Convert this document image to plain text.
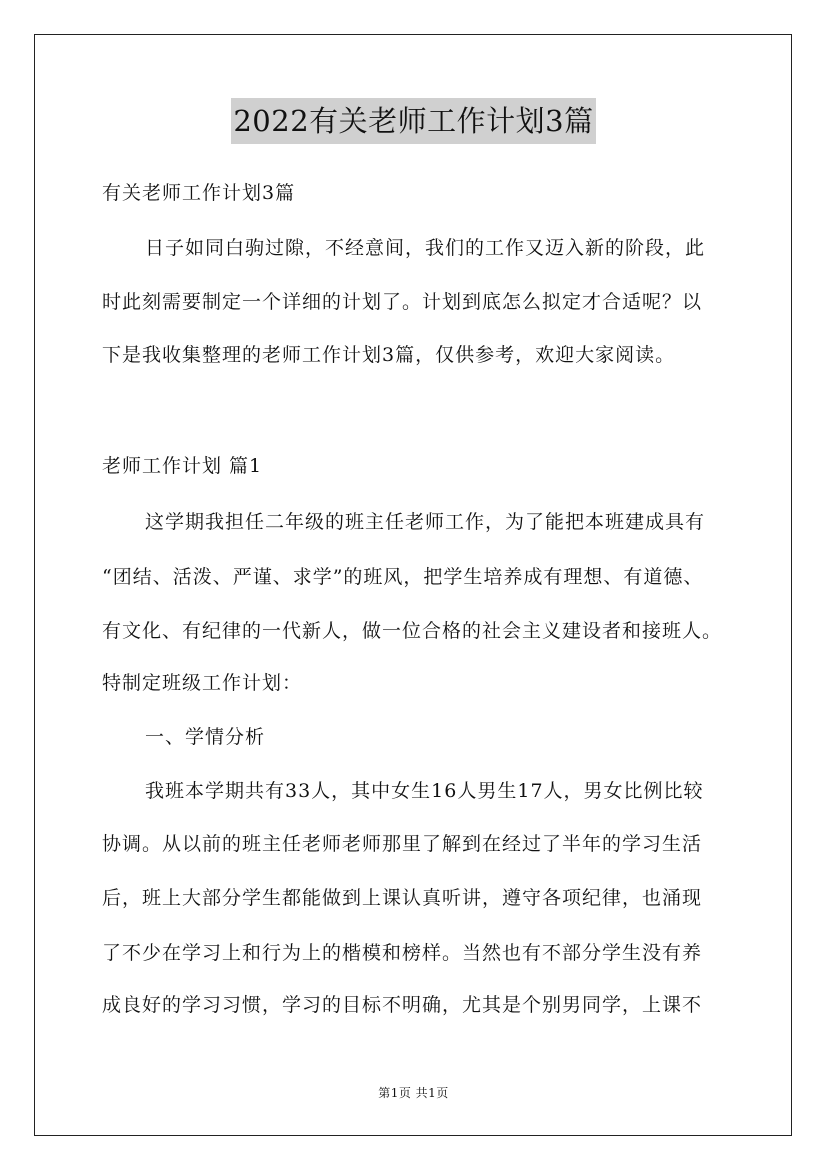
2022有关老师工作计划3篇
有关老师工作计划3篇
日子如同白驹过隙，不经意间，我们的工作又迈入新的阶段，此
时此刻需要制定一个详细的计划了。计划到底怎么拟定才合适呢？以
下是我收集整理的老师工作计划3篇，仅供参考，欢迎大家阅读。
老师工作计划 篇1
这学期我担任二年级的班主任老师工作，为了能把本班建成具有
“团结、活泼、严谨、求学”的班风，把学生培养成有理想、有道德、
有文化、有纪律的一代新人，做一位合格的社会主义建设者和接班人。
特制定班级工作计划：
一、学情分析
我班本学期共有33人，其中女生16人男生17人，男女比例比较
协调。从以前的班主任老师老师那里了解到在经过了半年的学习生活
后，班上大部分学生都能做到上课认真听讲，遵守各项纪律，也涌现
了不少在学习上和行为上的楷模和榜样。当然也有不部分学生没有养
成良好的学习习惯，学习的目标不明确，尤其是个别男同学，上课不
第1页 共1页
